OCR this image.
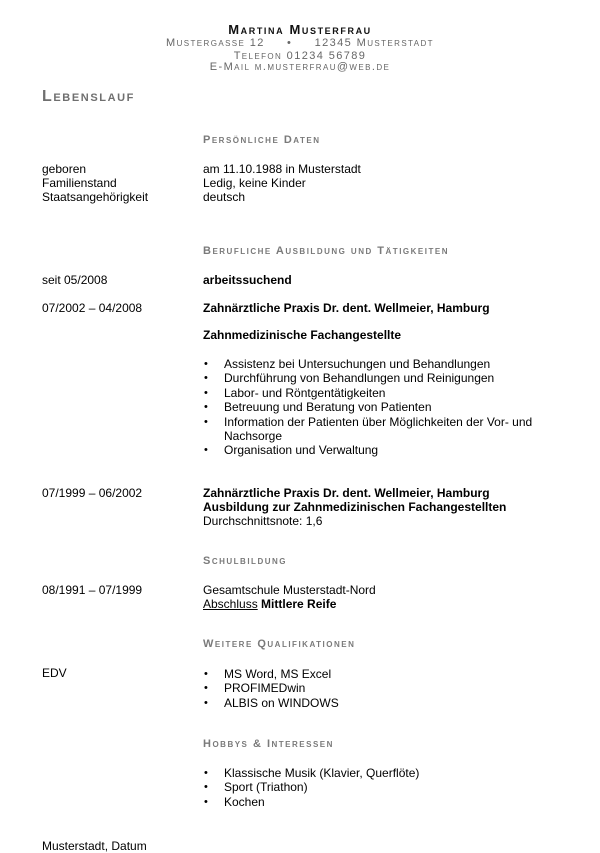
Martina Musterfrau
Mustergasse 12 • 12345 Musterstadt
Telefon 01234 56789
E-Mail m.musterfrau@web.de
Lebenslauf
Persönliche Daten
geboren	am 11.10.1988 in Musterstadt
Familienstand	Ledig, keine Kinder
Staatsangehörigkeit	deutsch
Berufliche Ausbildung und Tätigkeiten
seit 05/2008	arbeitssuchend
07/2002 – 04/2008	Zahnärztliche Praxis Dr. dent. Wellmeier, Hamburg
Zahnmedizinische Fachangestellte
• Assistenz bei Untersuchungen und Behandlungen
• Durchführung von Behandlungen und Reinigungen
• Labor- und Röntgentätigkeiten
• Betreuung und Beratung von Patienten
• Information der Patienten über Möglichkeiten der Vor- und Nachsorge
• Organisation und Verwaltung
07/1999 – 06/2002	Zahnärztliche Praxis Dr. dent. Wellmeier, Hamburg
Ausbildung zur Zahnmedizinischen Fachangestellten
Durchschnittsnote: 1,6
Schulbildung
08/1991 – 07/1999	Gesamtschule Musterstadt-Nord
Abschluss Mittlere Reife
Weitere Qualifikationen
EDV
•	MS Word, MS Excel
• PROFIMEDwin
• ALBIS on WINDOWS
Hobbys & Interessen
• Klassische Musik (Klavier, Querflöte)
• Sport (Triathon)
• Kochen
Musterstadt, Datum
